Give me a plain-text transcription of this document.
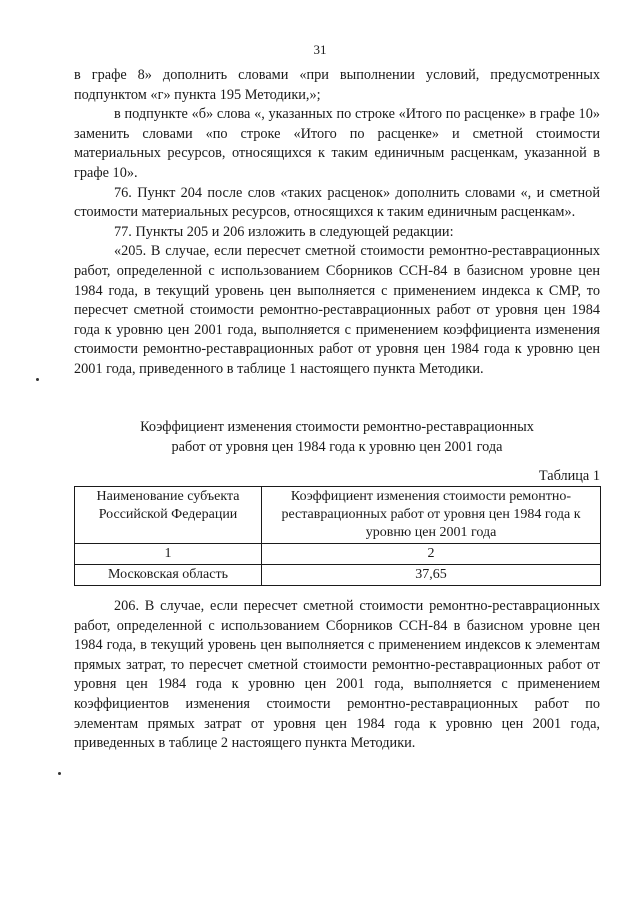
31

в графе 8» дополнить словами «при выполнении условий, предусмотренных подпунктом «г» пункта 195 Методики,»;

в подпункте «б» слова «, указанных по строке «Итого по расценке» в графе 10» заменить словами «по строке «Итого по расценке» и сметной стоимости материальных ресурсов, относящихся к таким единичным расценкам, указанной в графе 10».

76. Пункт 204 после слов «таких расценок» дополнить словами «, и сметной стоимости материальных ресурсов, относящихся к таким единичным расценкам».

77. Пункты 205 и 206 изложить в следующей редакции:

«205. В случае, если пересчет сметной стоимости ремонтно-реставрационных работ, определенной с использованием Сборников ССН-84 в базисном уровне цен 1984 года, в текущий уровень цен выполняется с применением индекса к СМР, то пересчет сметной стоимости ремонтно-реставрационных работ от уровня цен 1984 года к уровню цен 2001 года, выполняется с применением коэффициента изменения стоимости ремонтно-реставрационных работ от уровня цен 1984 года к уровню цен 2001 года, приведенного в таблице 1 настоящего пункта Методики.

Коэффициент изменения стоимости ремонтно-реставрационных
работ от уровня цен 1984 года к уровню цен 2001 года
Таблица 1
Наименование субъекта Российской Федерации	Коэффициент изменения стоимости ремонтно-реставрационных работ от уровня цен 1984 года к уровню цен 2001 года
1	2
Московская область	37,65

206. В случае, если пересчет сметной стоимости ремонтно-реставрационных работ, определенной с использованием Сборников ССН-84 в базисном уровне цен 1984 года, в текущий уровень цен выполняется с применением индексов к элементам прямых затрат, то пересчет сметной стоимости ремонтно-реставрационных работ от уровня цен 1984 года к уровню цен 2001 года, выполняется с применением коэффициентов изменения стоимости ремонтно-реставрационных работ по элементам прямых затрат от уровня цен 1984 года к уровню цен 2001 года, приведенных в таблице 2 настоящего пункта Методики.
